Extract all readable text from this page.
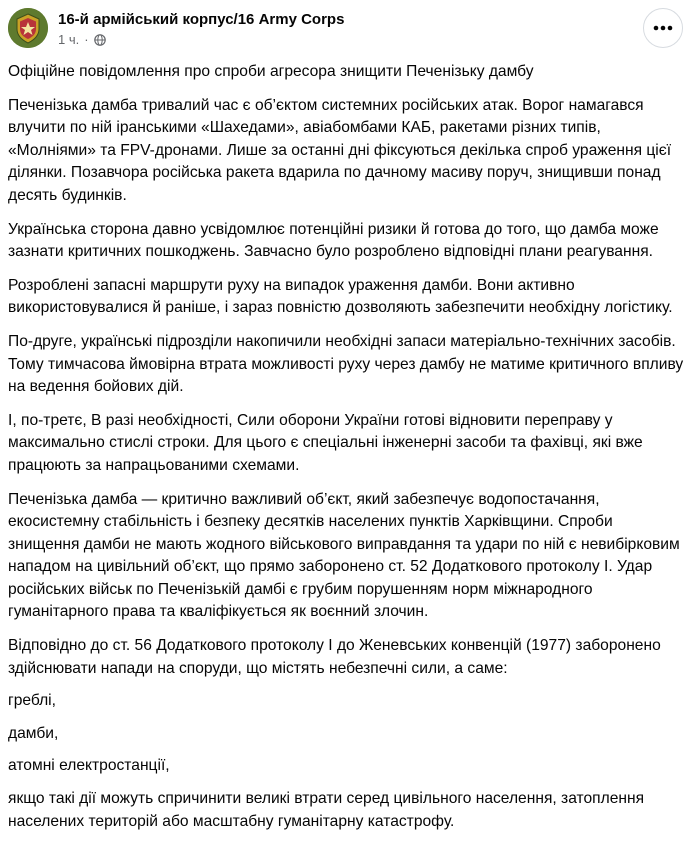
16-й армійський корпус/16 Army Corps
1 ч. ·

Офіційне повідомлення про спроби агресора знищити Печенізьку дамбу

Печенізька дамба тривалий час є об’єктом системних російських атак. Ворог намагався влучити по ній іранськими «Шахедами», авіабомбами КАБ, ракетами різних типів, «Молніями» та FPV-дронами. Лише за останні дні фіксуються декілька спроб ураження цієї ділянки. Позавчора російська ракета вдарила по дачному масиву поруч, знищивши понад десять будинків.

Українська сторона давно усвідомлює потенційні ризики й готова до того, що дамба може зазнати критичних пошкоджень. Завчасно було розроблено відповідні плани реагування.

Розроблені запасні маршрути руху на випадок ураження дамби. Вони активно використовувалися й раніше, і зараз повністю дозволяють забезпечити необхідну логістику.

По-друге, українські підрозділи накопичили необхідні запаси матеріально-технічних засобів. Тому тимчасова ймовірна втрата можливості руху через дамбу не матиме критичного впливу на ведення бойових дій.

І, по-третє, В разі необхідності, Сили оборони України готові відновити переправу у максимально стислі строки. Для цього є спеціальні інженерні засоби та фахівці, які вже працюють за напрацьованими схемами.

Печенізька дамба — критично важливий об’єкт, який забезпечує водопостачання, екосистемну стабільність і безпеку десятків населених пунктів Харківщини. Спроби знищення дамби не мають жодного військового виправдання та удари по ній є невибірковим нападом на цивільний об’єкт, що прямо заборонено ст. 52 Додаткового протоколу І. Удар російських військ по Печенізькій дамбі є грубим порушенням норм міжнародного гуманітарного права та кваліфікується як воєнний злочин.

Відповідно до ст. 56 Додаткового протоколу І до Женевських конвенцій (1977) заборонено здійснювати напади на споруди, що містять небезпечні сили, а саме:

греблі,

дамби,

атомні електростанції,

якщо такі дії можуть спричинити великі втрати серед цивільного населення, затоплення населених територій або масштабну гуманітарну катастрофу.
